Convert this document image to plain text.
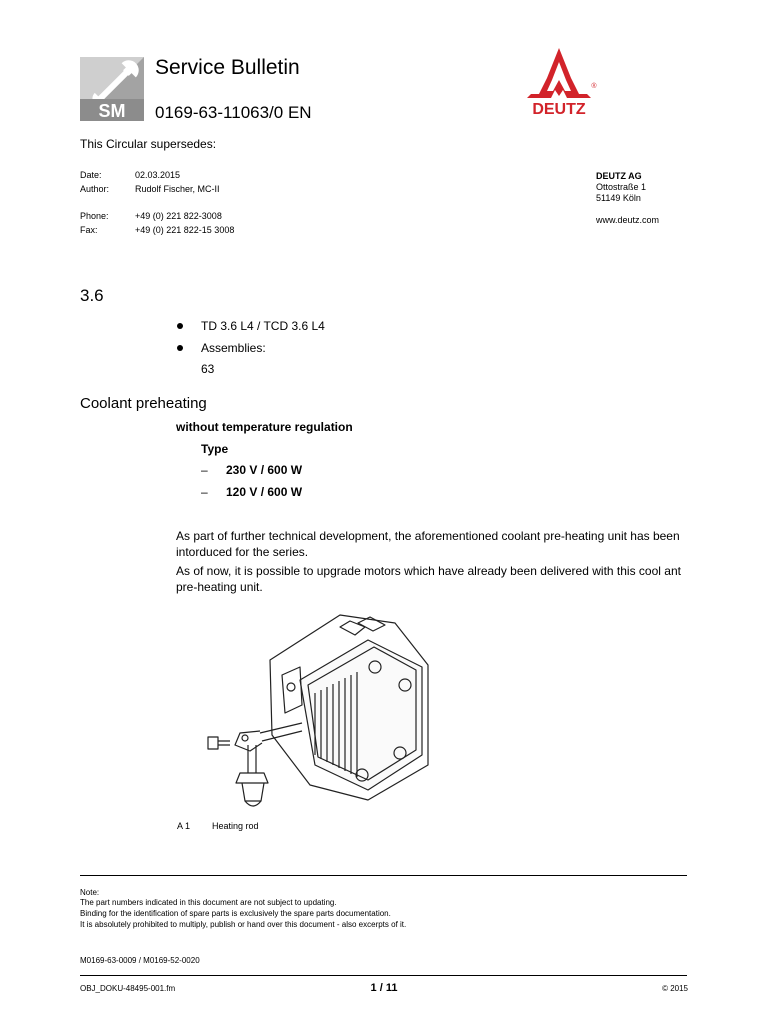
SM
Service Bulletin
0169-63-11063/0 EN	DEUTZ
®
This Circular supersedes:
Date:	02.03.2015
Author:	Rudolf Fischer, MC-II
Phone:	+49 (0) 221 822-3008
Fax:	+49 (0) 221 822-15 3008
DEUTZ AG
Ottostraße 1
51149 Köln
www.deutz.com
3.6
TD 3.6 L4 / TCD 3.6 L4
Assemblies:
63
Coolant preheating
without temperature regulation
Type
– 230 V / 600 W
– 120 V / 600 W
As part of further technical development, the aforementioned coolant pre-heating unit has been intorduced for the series.
As of now, it is possible to upgrade motors which have already been delivered with this cool ant pre-heating unit.
A 1 Heating rod
Note:
The part numbers indicated in this document are not subject to updating.
Binding for the identification of spare parts is exclusively the spare parts documentation.
It is absolutely prohibited to multiply, publish or hand over this document - also excerpts of it.
M0169-63-0009 / M0169-52-0020
OBJ_DOKU-48495-001.fm	1 / 11	© 2015
